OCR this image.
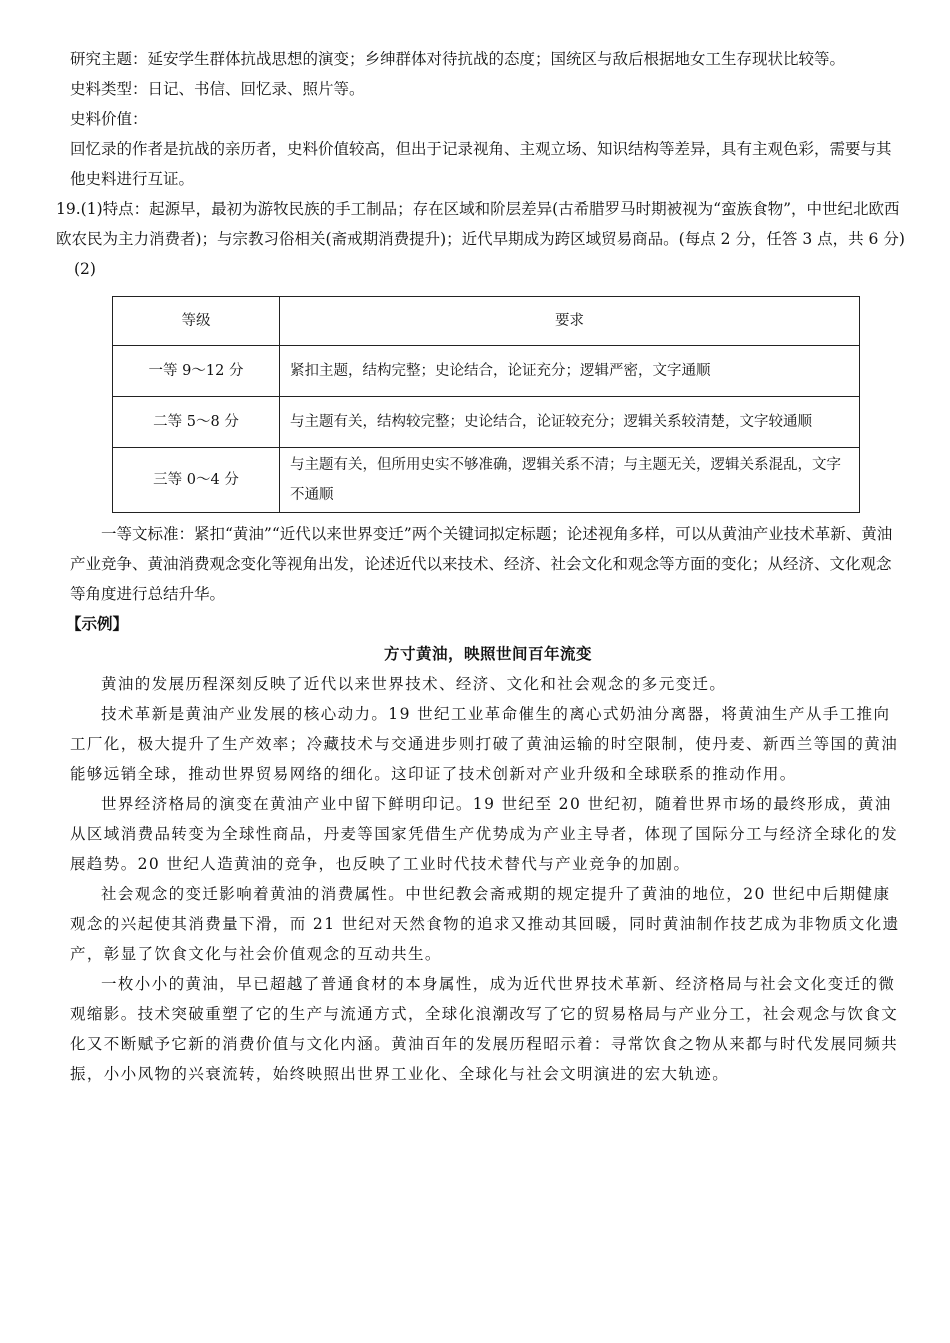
研究主题：延安学生群体抗战思想的演变；乡绅群体对待抗战的态度；国统区与敌后根据地女工生存现状比较等。

史料类型：日记、书信、回忆录、照片等。

史料价值：

回忆录的作者是抗战的亲历者，史料价值较高，但出于记录视角、主观立场、知识结构等差异，具有主观色彩，需要与其他史料进行互证。

19.(1)特点：起源早，最初为游牧民族的手工制品；存在区域和阶层差异(古希腊罗马时期被视为“蛮族食物”，中世纪北欧西欧农民为主力消费者)；与宗教习俗相关(斋戒期消费提升)；近代早期成为跨区域贸易商品。(每点 2 分，任答 3 点，共 6 分)

(2)

等级	要求
一等 9～12 分	紧扣主题，结构完整；史论结合，论证充分；逻辑严密，文字通顺
二等 5～8 分	与主题有关，结构较完整；史论结合，论证较充分；逻辑关系较清楚，文字较通顺
三等 0～4 分	与主题有关，但所用史实不够准确，逻辑关系不清；与主题无关，逻辑关系混乱，文字不通顺

一等文标准：紧扣“黄油”“近代以来世界变迁”两个关键词拟定标题；论述视角多样，可以从黄油产业技术革新、黄油产业竞争、黄油消费观念变化等视角出发，论述近代以来技术、经济、社会文化和观念等方面的变化；从经济、文化观念等角度进行总结升华。

【示例】

方寸黄油，映照世间百年流变

黄油的发展历程深刻反映了近代以来世界技术、经济、文化和社会观念的多元变迁。

技术革新是黄油产业发展的核心动力。19 世纪工业革命催生的离心式奶油分离器，将黄油生产从手工推向工厂化，极大提升了生产效率；冷藏技术与交通进步则打破了黄油运输的时空限制，使丹麦、新西兰等国的黄油能够远销全球，推动世界贸易网络的细化。这印证了技术创新对产业升级和全球联系的推动作用。

世界经济格局的演变在黄油产业中留下鲜明印记。19 世纪至 20 世纪初，随着世界市场的最终形成，黄油从区域消费品转变为全球性商品，丹麦等国家凭借生产优势成为产业主导者，体现了国际分工与经济全球化的发展趋势。20 世纪人造黄油的竞争，也反映了工业时代技术替代与产业竞争的加剧。

社会观念的变迁影响着黄油的消费属性。中世纪教会斋戒期的规定提升了黄油的地位，20 世纪中后期健康观念的兴起使其消费量下滑，而 21 世纪对天然食物的追求又推动其回暖，同时黄油制作技艺成为非物质文化遗产，彰显了饮食文化与社会价值观念的互动共生。

一枚小小的黄油，早已超越了普通食材的本身属性，成为近代世界技术革新、经济格局与社会文化变迁的微观缩影。技术突破重塑了它的生产与流通方式，全球化浪潮改写了它的贸易格局与产业分工，社会观念与饮食文化又不断赋予它新的消费价值与文化内涵。黄油百年的发展历程昭示着：寻常饮食之物从来都与时代发展同频共振，小小风物的兴衰流转，始终映照出世界工业化、全球化与社会文明演进的宏大轨迹。
